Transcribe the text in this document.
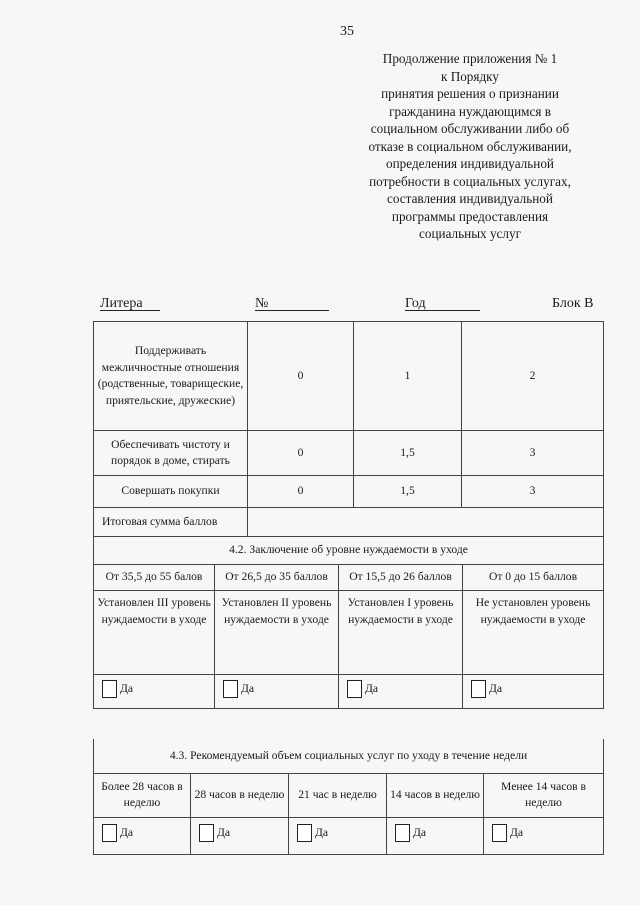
35
Продолжение приложения № 1
к Порядку
принятия решения о признании
гражданина нуждающимся в
социальном обслуживании либо об
отказе в социальном обслуживании,
определения индивидуальной
потребности в социальных услугах,
составления индивидуальной
программы предоставления
социальных услуг
Литера	№	Год	Блок В
Поддерживать межличностные отношения (родственные, товарищеские, приятельские, дружеские)	0	1	2
Обеспечивать чистоту и порядок в доме, стирать	0	1,5	3
Совершать покупки	0	1,5	3
Итоговая сумма баллов			
4.2. Заключение об уровне нуждаемости в уходе			
От 35,5 до 55 балов	От 26,5 до 35 баллов	От 15,5 до 26 баллов	От 0 до 15 баллов
Установлен III уровень нуждаемости в уходе	Установлен II уровень нуждаемости в уходе	Установлен I уровень нуждаемости в уходе	Не установлен уровень нуждаемости в уходе

Да	Да	Да	Да
4.3. Рекомендуемый объем социальных услуг по уходу в течение недели				
Более 28 часов в неделю	28 часов в неделю	21 час в неделю	14 часов в неделю	Менее 14 часов в неделю

Да	Да	Да	Да	Да
